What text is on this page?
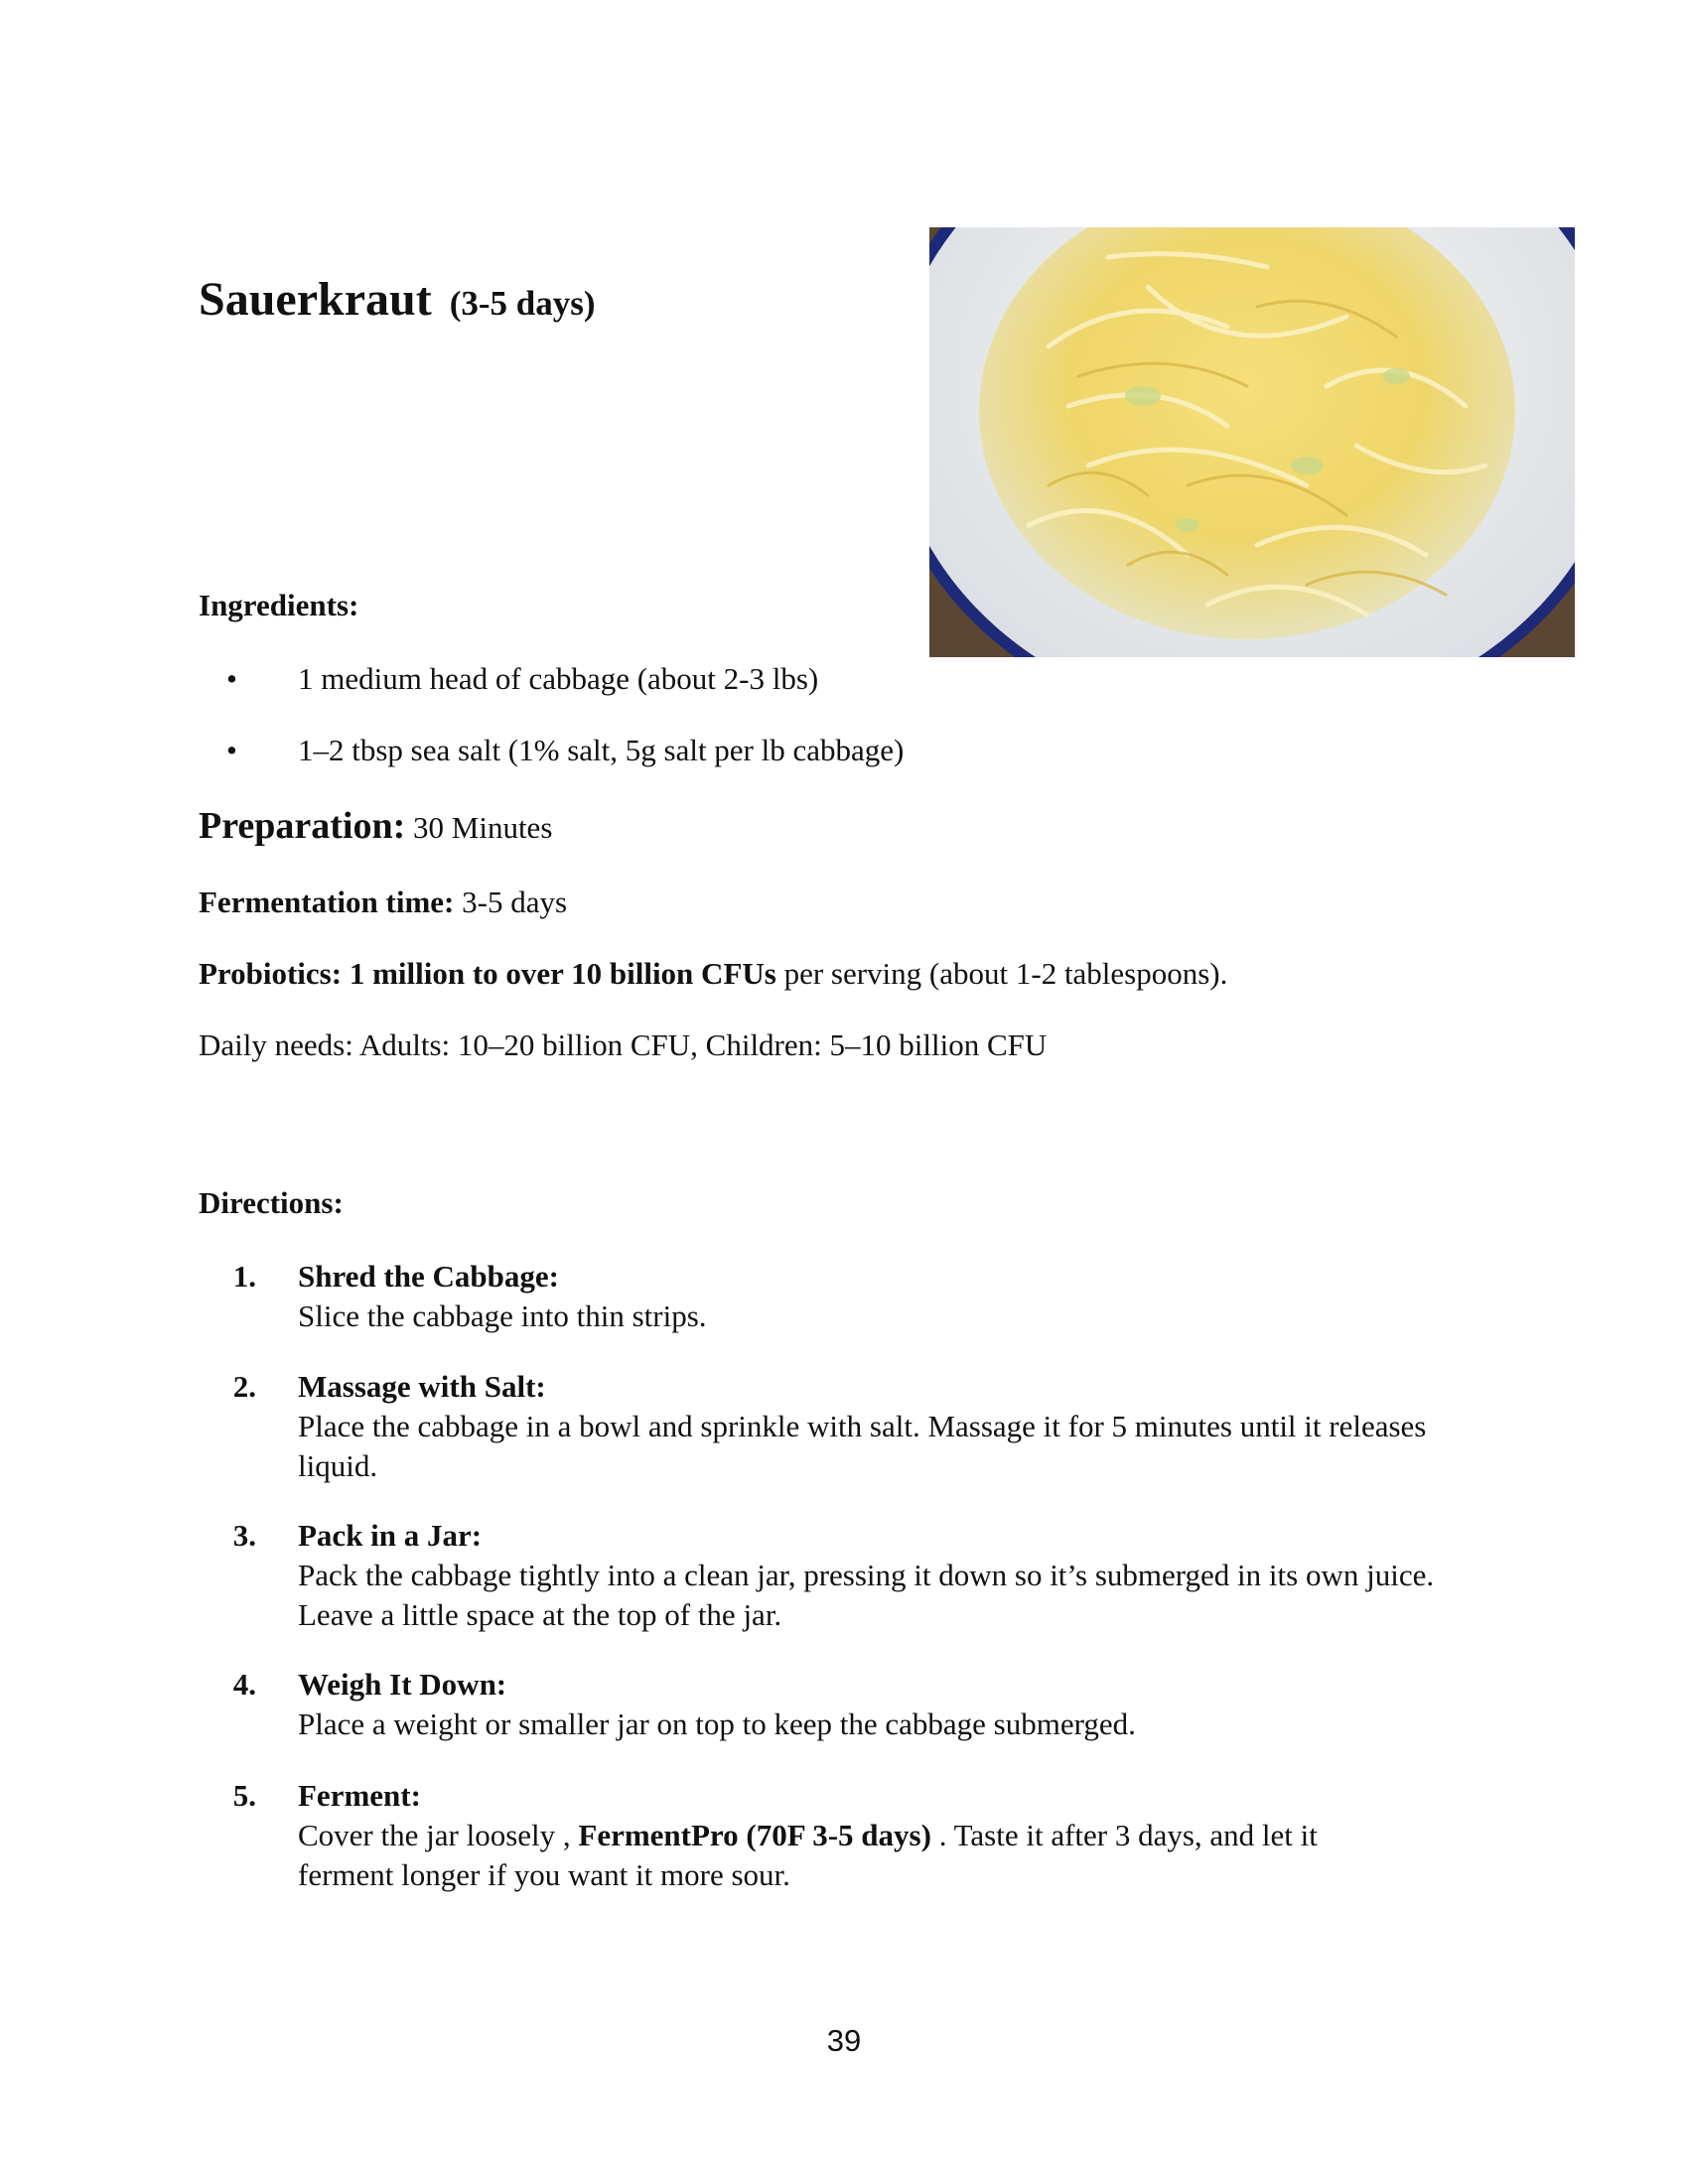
Sauerkraut (3-5 days)
Ingredients:
• 1 medium head of cabbage (about 2-3 lbs)
• 1–2 tbsp sea salt (1% salt, 5g salt per lb cabbage)
Preparation: 30 Minutes
Fermentation time: 3-5 days
Probiotics: 1 million to over 10 billion CFUs per serving (about 1-2 tablespoons).
Daily needs: Adults: 10–20 billion CFU, Children: 5–10 billion CFU
Directions:
1. Shred the Cabbage:
Slice the cabbage into thin strips.
2. Massage with Salt:
Place the cabbage in a bowl and sprinkle with salt. Massage it for 5 minutes until it releases liquid.
3. Pack in a Jar:
Pack the cabbage tightly into a clean jar, pressing it down so it’s submerged in its own juice. Leave a little space at the top of the jar.
4. Weigh It Down:
Place a weight or smaller jar on top to keep the cabbage submerged.
5. Ferment:
Cover the jar loosely , FermentPro (70F 3-5 days) . Taste it after 3 days, and let it ferment longer if you want it more sour.
39
